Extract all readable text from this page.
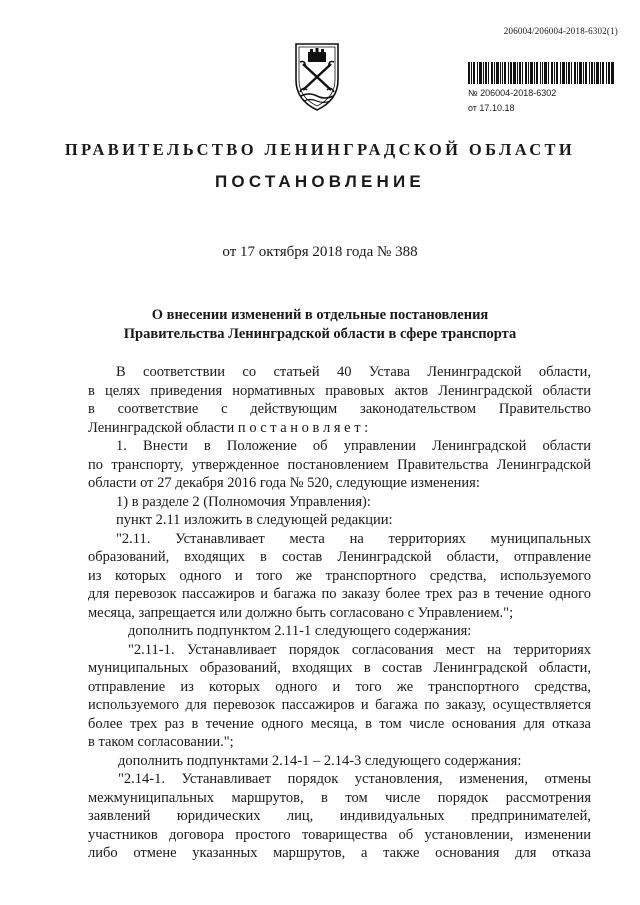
206004/206004-2018-6302(1)
№ 206004-2018-6302
от 17.10.18
ПРАВИТЕЛЬСТВО ЛЕНИНГРАДСКОЙ ОБЛАСТИ
ПОСТАНОВЛЕНИЕ
от 17 октября 2018 года № 388
О внесении изменений в отдельные постановления
Правительства Ленинградской области в сфере транспорта
В соответствии со статьей 40 Устава Ленинградской области,
в целях приведения нормативных правовых актов Ленинградской области
в соответствие с действующим законодательством Правительство
Ленинградской области п о с т а н о в л я е т :
1. Внести в Положение об управлении Ленинградской области
по транспорту, утвержденное постановлением Правительства Ленинградской
области от 27 декабря 2016 года № 520, следующие изменения:
1) в разделе 2 (Полномочия Управления):
пункт 2.11 изложить в следующей редакции:
"2.11. Устанавливает места на территориях муниципальных
образований, входящих в состав Ленинградской области, отправление
из которых одного и того же транспортного средства, используемого
для перевозок пассажиров и багажа по заказу более трех раз в течение одного
месяца, запрещается или должно быть согласовано с Управлением.";
дополнить подпунктом 2.11-1 следующего содержания:
"2.11-1. Устанавливает порядок согласования мест на территориях
муниципальных образований, входящих в состав Ленинградской области,
отправление из которых одного и того же транспортного средства,
используемого для перевозок пассажиров и багажа по заказу, осуществляется
более трех раз в течение одного месяца, в том числе основания для отказа
в таком согласовании.";
дополнить подпунктами 2.14-1 – 2.14-3 следующего содержания:
"2.14-1. Устанавливает порядок установления, изменения, отмены
межмуниципальных маршрутов, в том числе порядок рассмотрения
заявлений юридических лиц, индивидуальных предпринимателей,
участников договора простого товарищества об установлении, изменении
либо отмене указанных маршрутов, а также основания для отказа
